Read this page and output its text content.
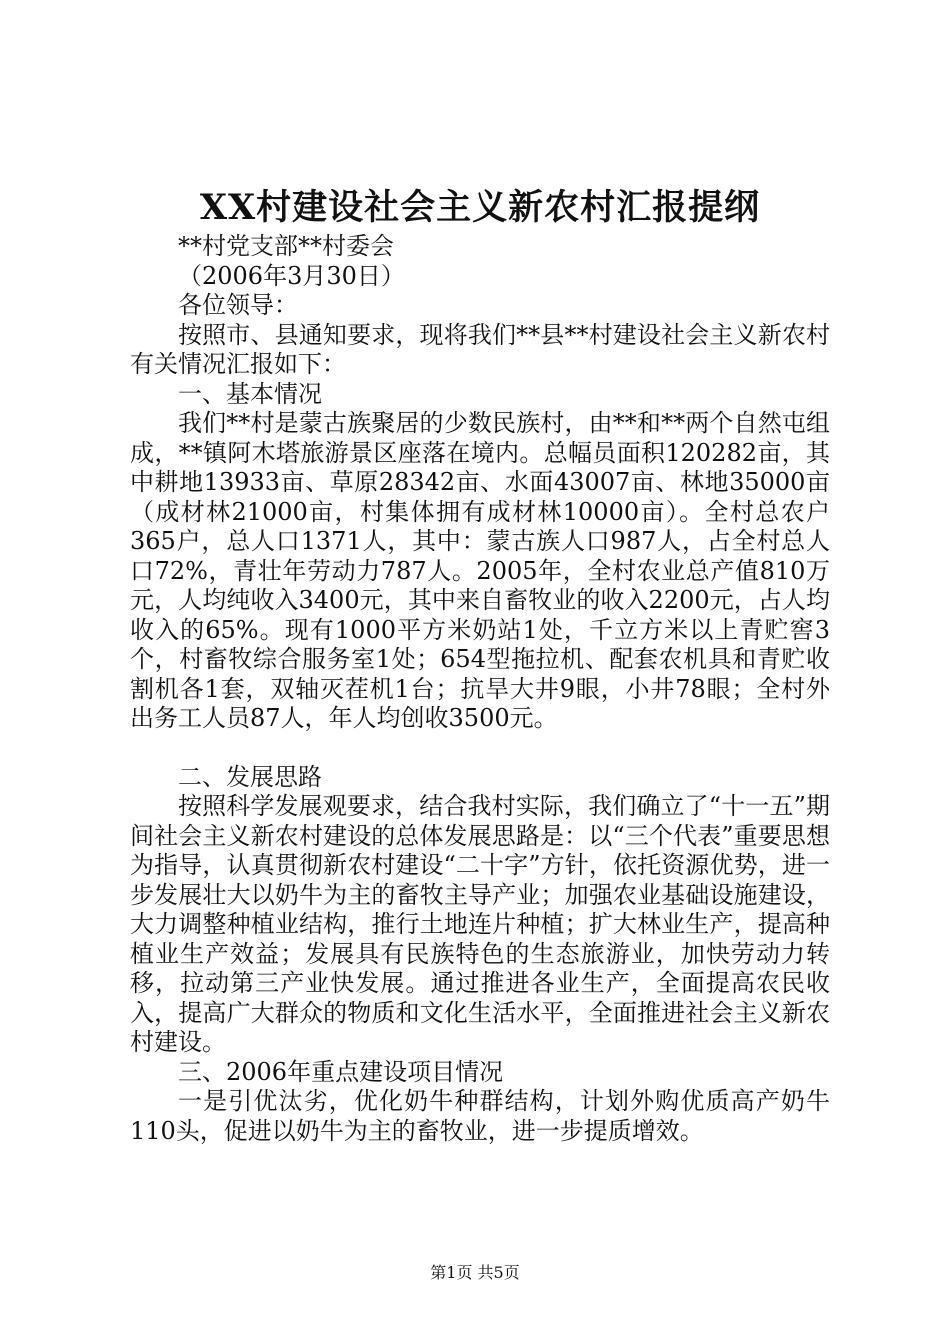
XX村建设社会主义新农村汇报提纲

**村党支部**村委会

（2006年3月30日）

各位领导：

按照市、县通知要求，现将我们**县**村建设社会主义新农村有关情况汇报如下：

一、基本情况

我们**村是蒙古族聚居的少数民族村，由**和**两个自然屯组成，**镇阿木塔旅游景区座落在境内。总幅员面积120282亩，其中耕地13933亩、草原28342亩、水面43007亩、林地35000亩（成材林21000亩，村集体拥有成材林10000亩）。全村总农户365户，总人口1371人，其中：蒙古族人口987人，占全村总人口72%，青壮年劳动力787人。2005年，全村农业总产值810万元，人均纯收入3400元，其中来自畜牧业的收入2200元，占人均收入的65%。现有1000平方米奶站1处，千立方米以上青贮窖3个，村畜牧综合服务室1处；654型拖拉机、配套农机具和青贮收割机各1套，双轴灭茬机1台；抗旱大井9眼，小井78眼；全村外出务工人员87人，年人均创收3500元。

二、发展思路

按照科学发展观要求，结合我村实际，我们确立了“十一五”期间社会主义新农村建设的总体发展思路是：以“三个代表”重要思想为指导，认真贯彻新农村建设“二十字”方针，依托资源优势，进一步发展壮大以奶牛为主的畜牧主导产业；加强农业基础设施建设，大力调整种植业结构，推行土地连片种植；扩大林业生产，提高种植业生产效益；发展具有民族特色的生态旅游业，加快劳动力转移，拉动第三产业快发展。通过推进各业生产，全面提高农民收入，提高广大群众的物质和文化生活水平，全面推进社会主义新农村建设。

三、2006年重点建设项目情况

一是引优汰劣，优化奶牛种群结构，计划外购优质高产奶牛110头，促进以奶牛为主的畜牧业，进一步提质增效。

第1页 共5页
